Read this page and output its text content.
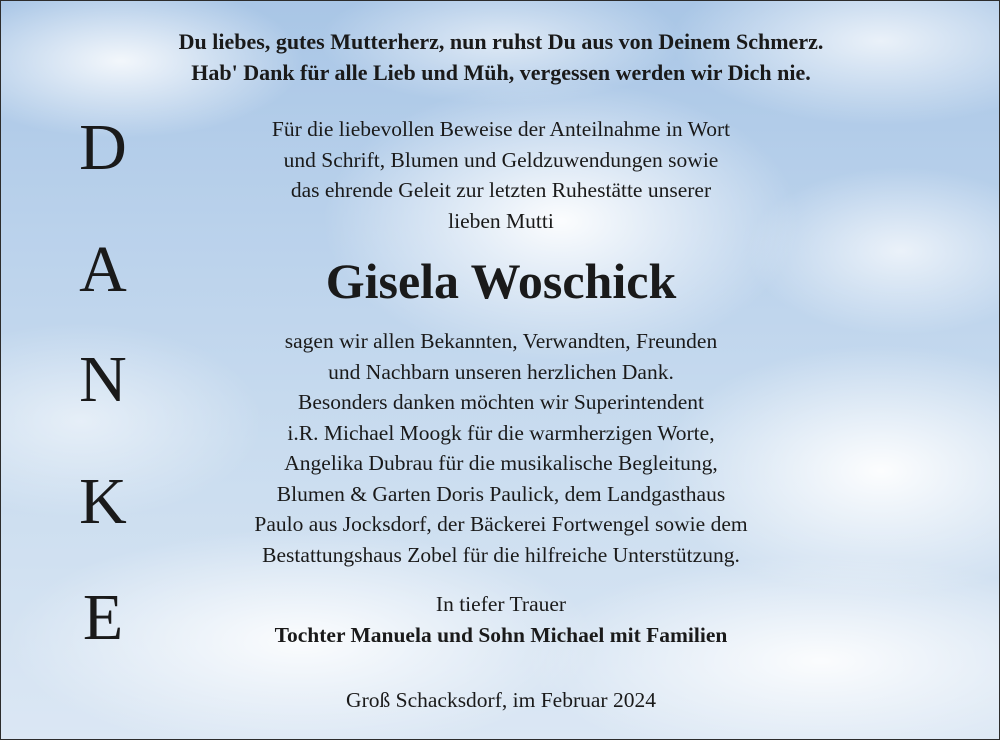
Du liebes, gutes Mutterherz, nun ruhst Du aus von Deinem Schmerz.
Hab' Dank für alle Lieb und Müh, vergessen werden wir Dich nie.
D
A
N
K
E
Für die liebevollen Beweise der Anteilnahme in Wort
und Schrift, Blumen und Geldzuwendungen sowie
das ehrende Geleit zur letzten Ruhestätte unserer
lieben Mutti
Gisela Woschick
sagen wir allen Bekannten, Verwandten, Freunden
und Nachbarn unseren herzlichen Dank.
Besonders danken möchten wir Superintendent
i.R. Michael Moogk für die warmherzigen Worte,
Angelika Dubrau für die musikalische Begleitung,
Blumen & Garten Doris Paulick, dem Landgasthaus
Paulo aus Jocksdorf, der Bäckerei Fortwengel sowie dem
Bestattungshaus Zobel für die hilfreiche Unterstützung.
In tiefer Trauer
Tochter Manuela und Sohn Michael mit Familien
Groß Schacksdorf, im Februar 2024
